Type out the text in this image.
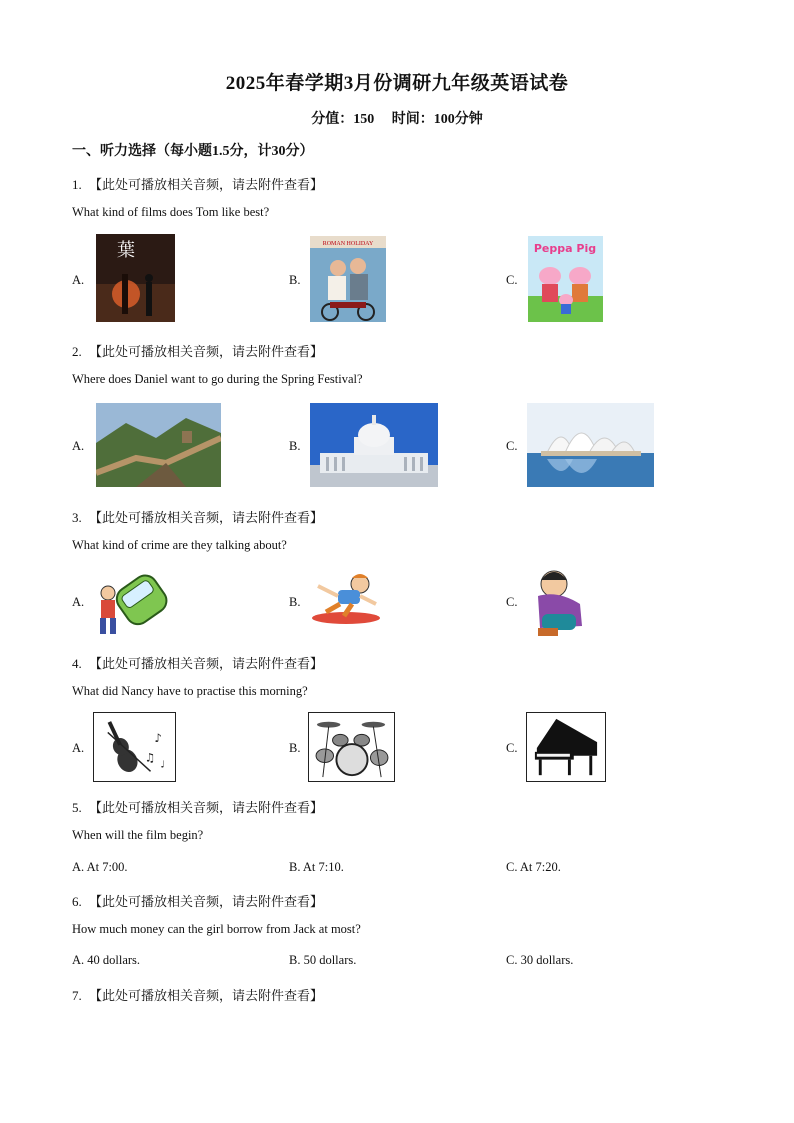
2025年春学期3月份调研九年级英语试卷
分值：150　 时间：100分钟
一、听力选择（每小题1.5分，计30分）
1. 【此处可播放相关音频，请去附件查看】
What kind of films does Tom like best?
A.
葉
B.
ROMAN HOLIDAY
C.
Peppa Pig
2. 【此处可播放相关音频，请去附件查看】
Where does Daniel want to go during the Spring Festival?
A.	B.	C.
3. 【此处可播放相关音频，请去附件查看】
What kind of crime are they talking about?
A.	B.	C.
4. 【此处可播放相关音频，请去附件查看】
What did Nancy have to practise this morning?
A.
♪
♫
♩
B.	C.
5. 【此处可播放相关音频，请去附件查看】
When will the film begin?
A. At 7:00.	B. At 7:10.	C. At 7:20.
6. 【此处可播放相关音频，请去附件查看】
How much money can the girl borrow from Jack at most?
A. 40 dollars.	B. 50 dollars.	C. 30 dollars.
7. 【此处可播放相关音频，请去附件查看】
